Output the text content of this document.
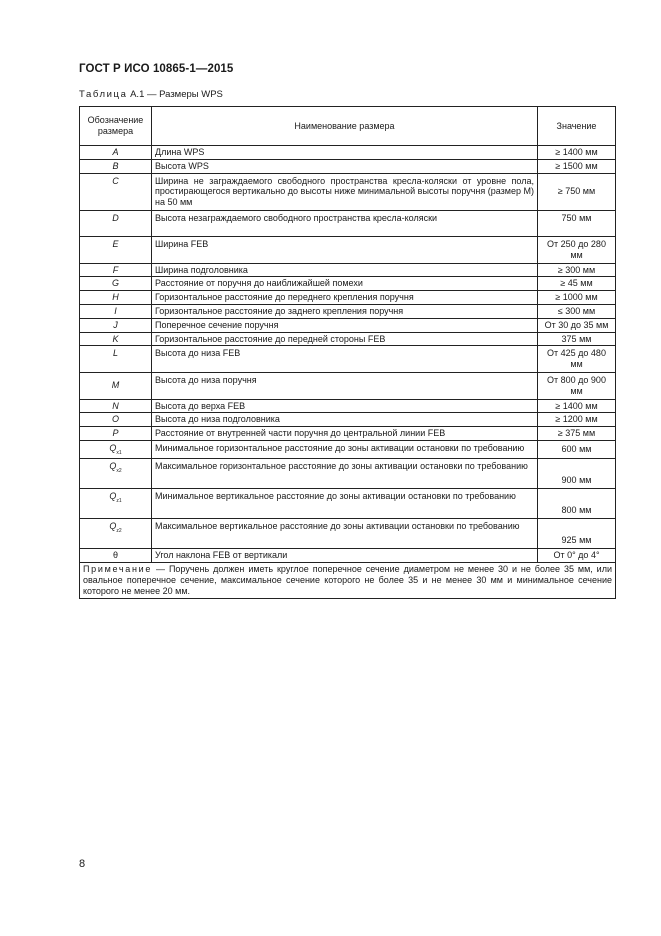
ГОСТ Р ИСО 10865-1—2015
Таблица А.1 — Размеры WPS
Обозначение размера	Наименование размера	Значение
A	Длина WPS	≥ 1400 мм
B	Высота WPS	≥ 1500 мм
C	Ширина не заграждаемого свободного пространства кресла-коляски от уровне пола, простирающегося вертикально до высоты ниже минимальной высоты поручня (размер M) на 50 мм	≥ 750 мм
D	Высота незаграждаемого свободного пространства кресла-коляски	750 мм
E	Ширина FEB	От 250 до 280 мм
F	Ширина подголовника	≥ 300 мм
G	Расстояние от поручня до наиближайшей помехи	≥ 45 мм
H	Горизонтальное расстояние до переднего крепления поручня	≥ 1000 мм
I	Горизонтальное расстояние до заднего крепления поручня	≤ 300 мм
J	Поперечное сечение поручня	От 30 до 35 мм
K	Горизонтальное расстояние до передней стороны FEB	375 мм
L	Высота до низа FEB	От 425 до 480 мм
M	Высота до низа поручня	От 800 до 900 мм
N	Высота до верха FEB	≥ 1400 мм
O	Высота до низа подголовника	≥ 1200 мм
P	Расстояние от внутренней части поручня до центральной линии FEB	≥ 375 мм
$Q_{x1}$	Минимальное горизонтальное расстояние до зоны активации остановки по требованию	600 мм
$Q_{x2}$	Максимальное горизонтальное расстояние до зоны активации остановки по требованию	900 мм
$Q_{z1}$	Минимальное вертикальное расстояние до зоны активации остановки по требованию	800 мм
$Q_{z2}$	Максимальное вертикальное расстояние до зоны активации остановки по требованию	925 мм
θ	Угол наклона FEB от вертикали	От 0° до 4°
Примечание — Поручень должен иметь круглое поперечное сечение диаметром не менее 30 и не более 35 мм, или овальное поперечное сечение, максимальное сечение которого не более 35 и не менее 30 мм и минимальное сечение которого не менее 20 мм.		
8
